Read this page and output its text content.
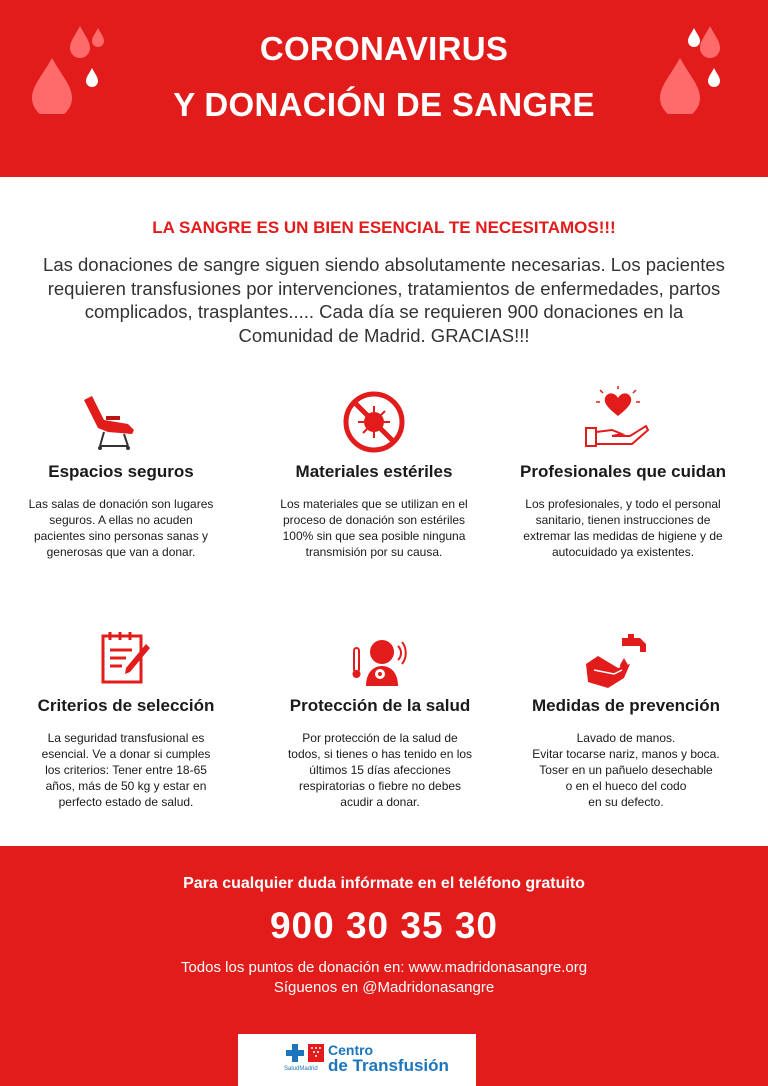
CORONAVIRUS
Y DONACIÓN DE SANGRE
LA SANGRE ES UN BIEN ESENCIAL TE NECESITAMOS!!!
Las donaciones de sangre siguen siendo absolutamente necesarias. Los pacientes requieren transfusiones por intervenciones, tratamientos de enfermedades, partos complicados, trasplantes..... Cada día se requieren 900 donaciones en la Comunidad de Madrid. GRACIAS!!!
Espacios seguros
Las salas de donación son lugares seguros. A ellas no acuden pacientes sino personas sanas y generosas que van a donar.
Materiales estériles
Los materiales que se utilizan en el proceso de donación son estériles 100% sin que sea posible ninguna transmisión por su causa.
Profesionales que cuidan
Los profesionales, y todo el personal sanitario, tienen instrucciones de extremar las medidas de higiene y de autocuidado ya existentes.
Criterios de selección
La seguridad transfusional es esencial. Ve a donar si cumples los criterios: Tener entre 18-65 años, más de 50 kg y estar en perfecto estado de salud.
Protección de la salud
Por protección de la salud de todos, si tienes o has tenido en los últimos 15 días afecciones respiratorias o fiebre no debes acudir a donar.
Medidas de prevención
Lavado de manos.
Evitar tocarse nariz, manos y boca.
Toser en un pañuelo desechable
o en el hueco del codo
en su defecto.
Para cualquier duda infórmate en el teléfono gratuito
900 30 35 30
Todos los puntos de donación en: www.madridonasangre.org
Síguenos en @Madridonasangre
SaludMadrid
Centro
de Transfusión
